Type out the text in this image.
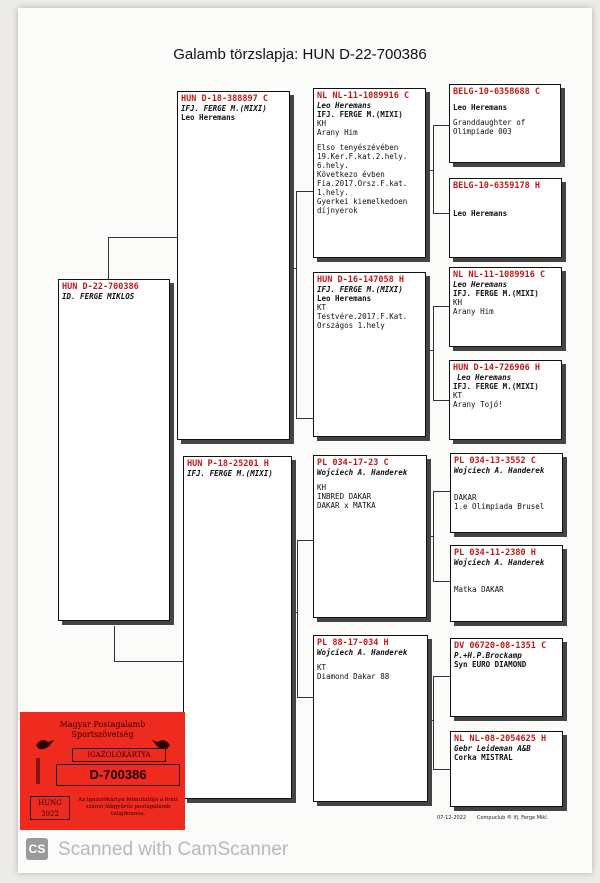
Galamb törzslapja: HUN D-22-700386
HUN D-22-700386
ID. FERGE MIKLOS
HUN D-18-388897 C
IFJ. FERGE M.(MIXI)
Leo Heremans
HUN P-18-25201 H
IFJ. FERGE M.(MIXI)
NL NL-11-1089916 C
Leo Heremans
IFJ. FERGE M.(MIXI)
KH
Arany Him
Elso tenyészévében
19.Ker.F.kat.2.hely.
6.hely.
Következo évben
Fia.2017.Orsz.F.kat.
1.hely.
Gyerkei kiemelkedoen
díjnyerok
HUN D-16-147058 H
IFJ. FERGE M.(MIXI)
Leo Heremans
KT
Testvére.2017.F.Kat.
Országos 1.hely
PL 034-17-23 C
Wojciech A. Handerek
KH
INBRED DAKAR
DAKAR x MATKA
PL 88-17-034 H
Wojciech A. Handerek
KT
Diamond Dakar 88
BELG-10-6358688 C
Leo Heremans
Granddaughter of
Olimpiade 003
BELG-10-6359178 H
Leo Heremans
NL NL-11-1089916 C
Leo Heremans
IFJ. FERGE M.(MIXI)
KH
Arany Him
HUN D-14-726906 H
Leo Heremans
IFJ. FERGE M.(MIXI)
KT
Arany Tojó!
PL 034-13-3552 C
Wojciech A. Handerek
DAKAR
1.e Olimpiada Brusel
PL 034-11-2380 H
Wojciech A. Handerek
Matka DAKAR
DV 06720-08-1351 C
P.+H.P.Brockamp
Syn EURO DIAMOND
NL NL-08-2054625 H
Gebr Leideman A&B
Corka MISTRAL
07-12-2022 Compuclub ® Ifj. Ferge Mikl.
Magyar Postagalamb
Sportszövetség
IGAZOLÓKÁRTYA
D-700386
HUNG
2022
Az igazolókártya felmutatója a fenti számú lábgyűrűs postagalamb tulajdonosa.
CS Scanned with CamScanner
